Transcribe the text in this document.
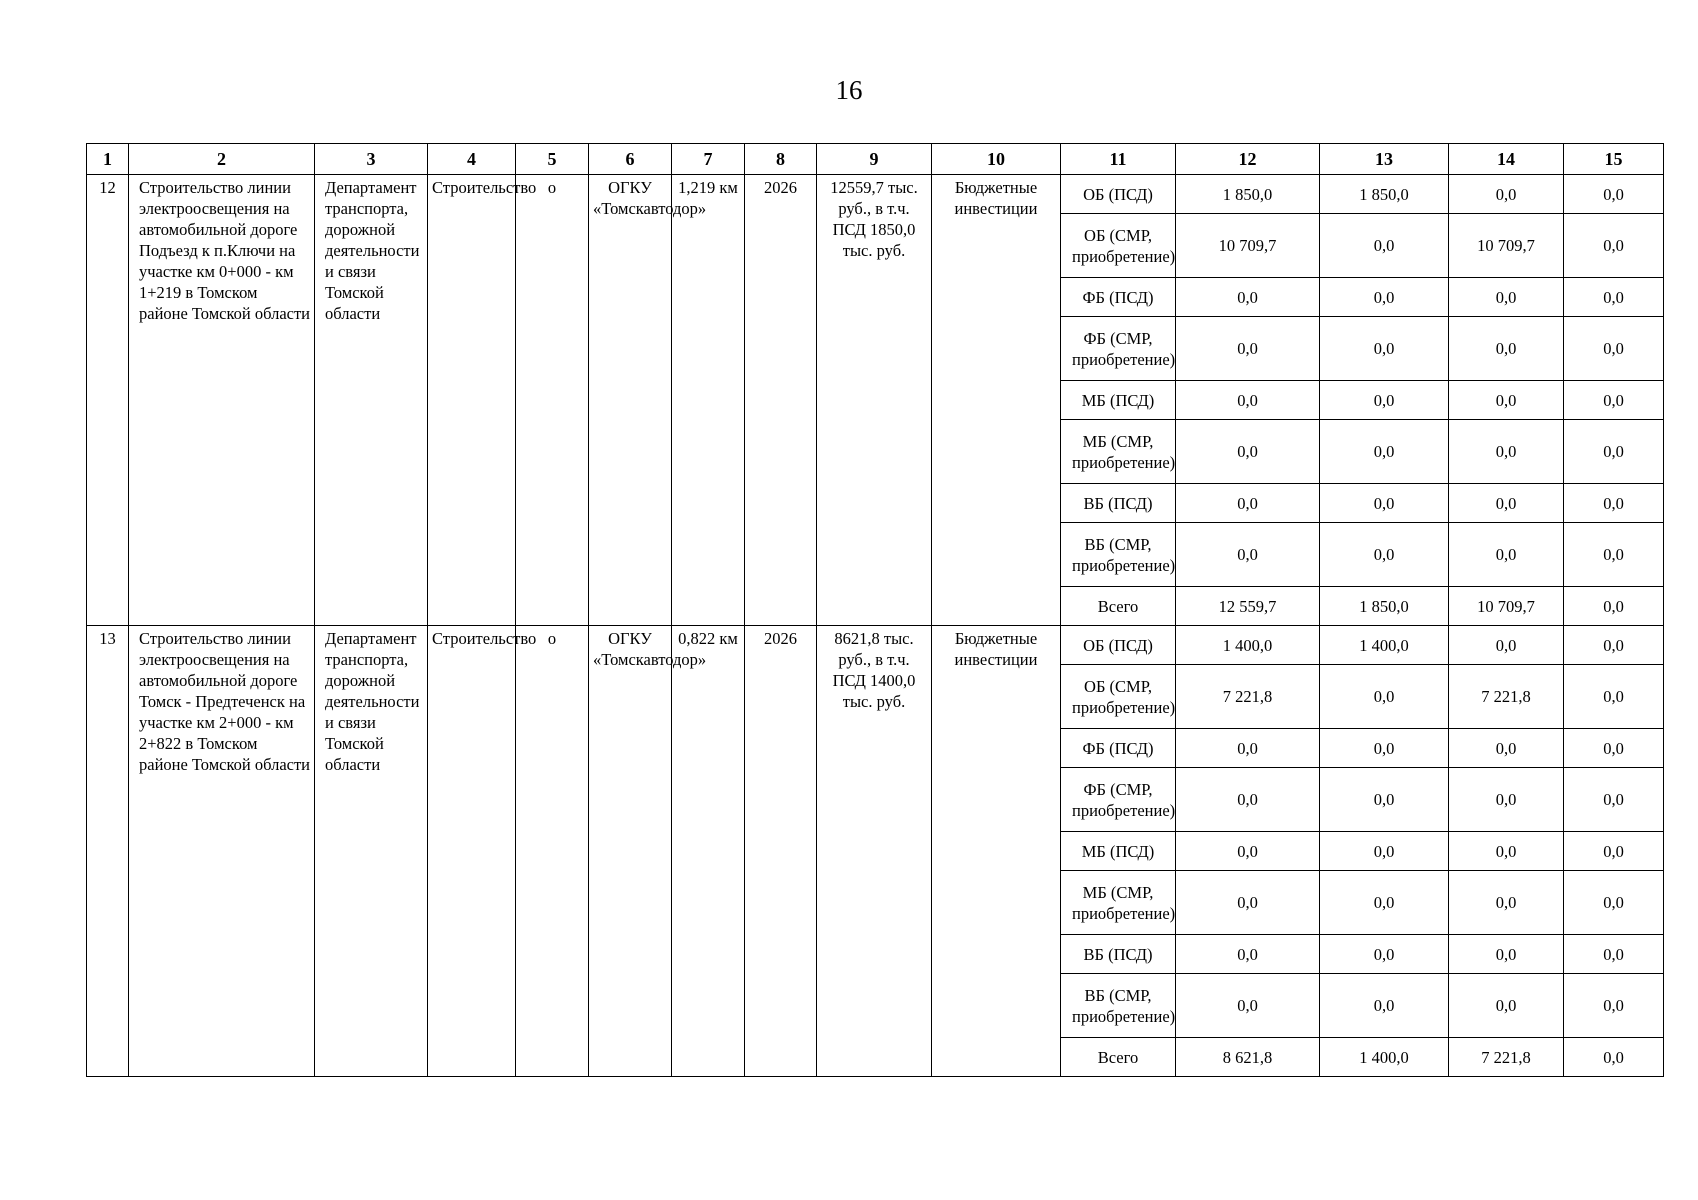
16
1	2	3	4	5	6	7	8	9	10	11	12	13	14	15
12	Строительство линии электроосвещения на автомобильной дороге Подъезд к п.Ключи на участке км 0+000 - км 1+219 в Томском районе Томской области	Департамент транспорта, дорожной деятельности и связи Томской области	Строительство	о	ОГКУ «Томскавтодор»	1,219 км	2026	12559,7 тыс. руб., в т.ч. ПСД 1850,0 тыс. руб.	Бюджетные инвестиции	ОБ (ПСД)	1 850,0	1 850,0	0,0	0,0
										ОБ (СМР, приобретение)	10 709,7	0,0	10 709,7	0,0
										ФБ (ПСД)	0,0	0,0	0,0	0,0
										ФБ (СМР, приобретение)	0,0	0,0	0,0	0,0
										МБ (ПСД)	0,0	0,0	0,0	0,0
										МБ (СМР, приобретение)	0,0	0,0	0,0	0,0
										ВБ (ПСД)	0,0	0,0	0,0	0,0
										ВБ (СМР, приобретение)	0,0	0,0	0,0	0,0
										Всего	12 559,7	1 850,0	10 709,7	0,0
13	Строительство линии электроосвещения на автомобильной дороге Томск - Предтеченск на участке км 2+000 - км 2+822 в Томском районе Томской области	Департамент транспорта, дорожной деятельности и связи Томской области	Строительство	о	ОГКУ «Томскавтодор»	0,822 км	2026	8621,8 тыс. руб., в т.ч. ПСД 1400,0 тыс. руб.	Бюджетные инвестиции	ОБ (ПСД)	1 400,0	1 400,0	0,0	0,0
										ОБ (СМР, приобретение)	7 221,8	0,0	7 221,8	0,0
										ФБ (ПСД)	0,0	0,0	0,0	0,0
										ФБ (СМР, приобретение)	0,0	0,0	0,0	0,0
										МБ (ПСД)	0,0	0,0	0,0	0,0
										МБ (СМР, приобретение)	0,0	0,0	0,0	0,0
										ВБ (ПСД)	0,0	0,0	0,0	0,0
										ВБ (СМР, приобретение)	0,0	0,0	0,0	0,0
										Всего	8 621,8	1 400,0	7 221,8	0,0
